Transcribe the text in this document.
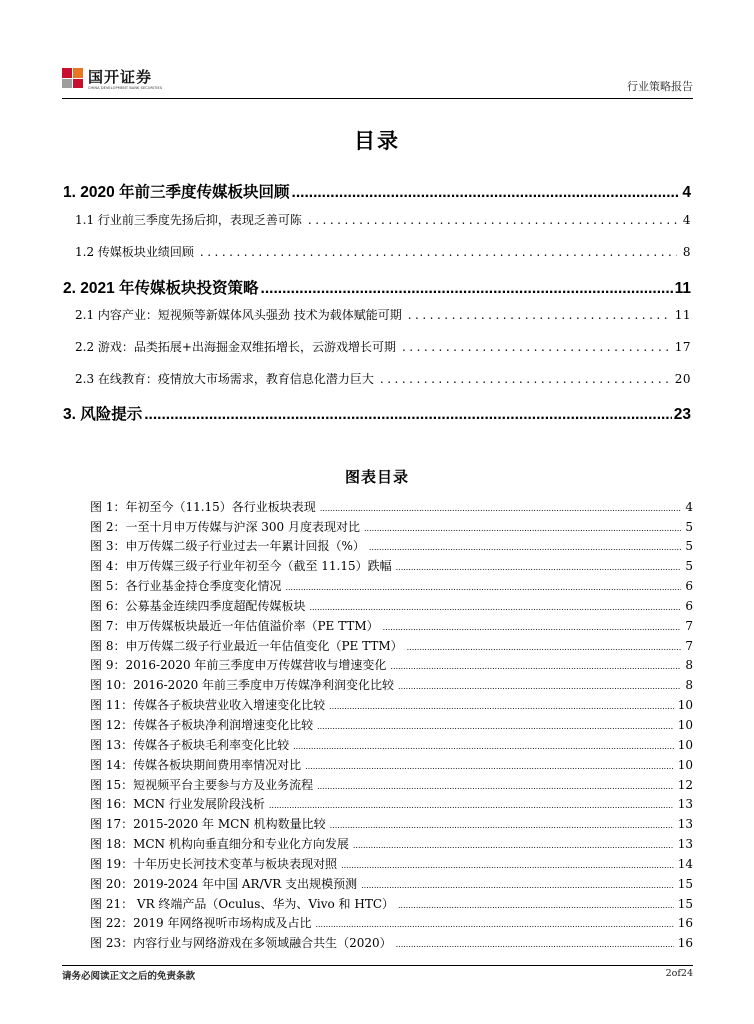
国开证券
CHINA DEVELOPMENT BANK SECURITIES	行业策略报告
目录
1. 2020 年前三季度传媒板块回顾 .....	4
1.1 行业前三季度先扬后抑，表现乏善可陈 .....	4
1.2 传媒板块业绩回顾 .....	8
2. 2021 年传媒板块投资策略 .....	11
2.1 内容产业：短视频等新媒体风头强劲 技术为载体赋能可期 .....	11
2.2 游戏：品类拓展+出海掘金双维拓增长，云游戏增长可期 .....	17
2.3 在线教育：疫情放大市场需求，教育信息化潜力巨大 .....	20
3. 风险提示 .....	23
图表目录
图 1：年初至今（11.15）各行业板块表现 .....	4
图 2：一至十月申万传媒与沪深 300 月度表现对比 .....	5
图 3：申万传媒二级子行业过去一年累计回报（%） .....	5
图 4：申万传媒三级子行业年初至今（截至 11.15）跌幅 .....	5
图 5：各行业基金持仓季度变化情况 .....	6
图 6：公募基金连续四季度超配传媒板块 .....	6
图 7：申万传媒板块最近一年估值溢价率（PE TTM） .....	7
图 8：申万传媒二级子行业最近一年估值变化（PE TTM） .....	7
图 9：2016-2020 年前三季度申万传媒营收与增速变化 .....	8
图 10：2016-2020 年前三季度申万传媒净利润变化比较 .....	8
图 11：传媒各子板块营业收入增速变化比较 .....	10
图 12：传媒各子板块净利润增速变化比较 .....	10
图 13：传媒各子板块毛利率变化比较 .....	10
图 14：传媒各板块期间费用率情况对比 .....	10
图 15：短视频平台主要参与方及业务流程 .....	12
图 16：MCN 行业发展阶段浅析 .....	13
图 17：2015-2020 年 MCN 机构数量比较 .....	13
图 18：MCN 机构向垂直细分和专业化方向发展 .....	13
图 19：十年历史长河技术变革与板块表现对照 .....	14
图 20：2019-2024 年中国 AR/VR 支出规模预测 .....	15
图 21： VR 终端产品（Oculus、华为、Vivo 和 HTC） .....	15
图 22：2019 年网络视听市场构成及占比 .....	16
图 23：内容行业与网络游戏在多领域融合共生（2020） .....	16
请务必阅读正文之后的免责条款	2of24
